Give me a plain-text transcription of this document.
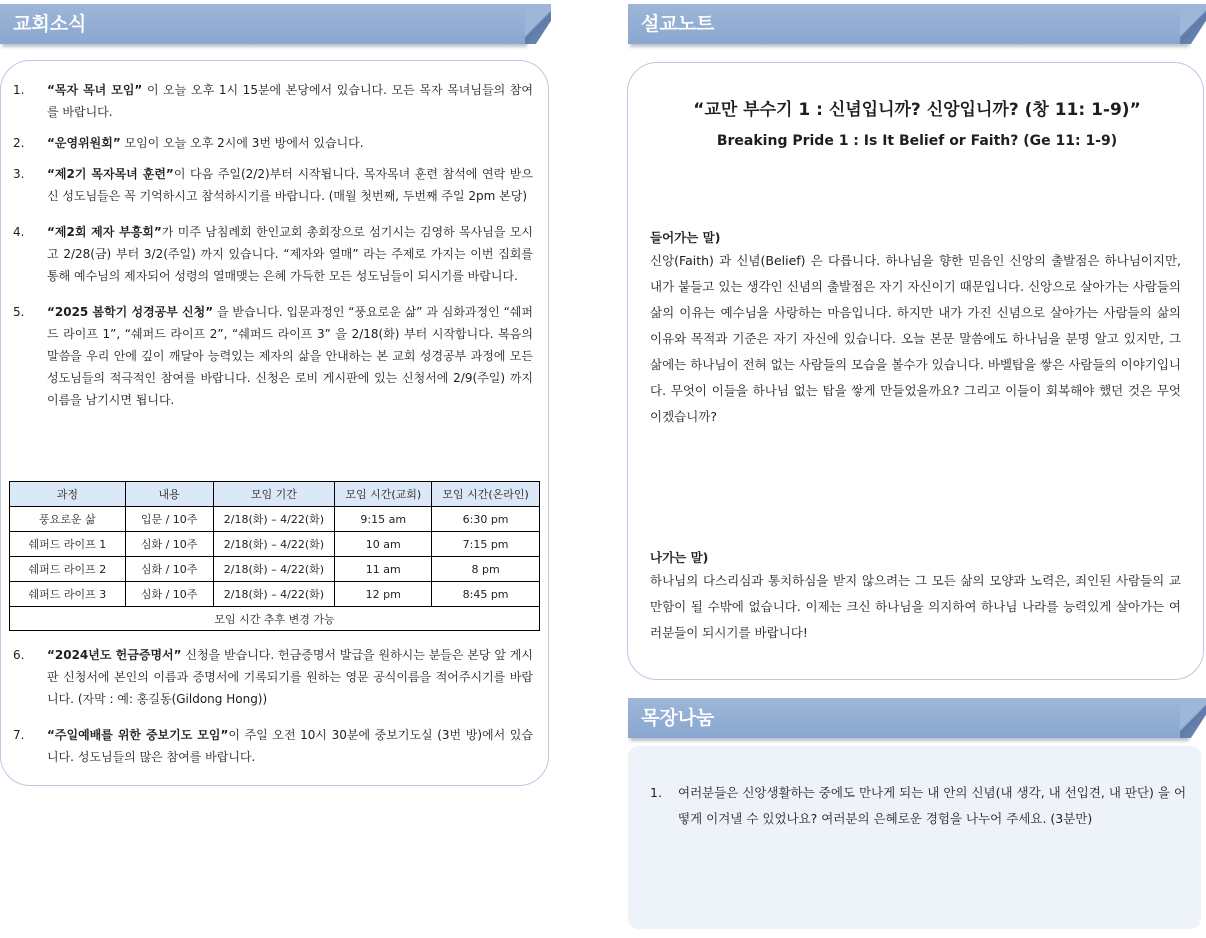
교회소식
1. “목자 목녀 모임” 이 오늘 오후 1시 15분에 본당에서 있습니다. 모든 목자 목녀님들의 참여를 바랍니다.
2. “운영위원회” 모임이 오늘 오후 2시에 3번 방에서 있습니다.
3. “제2기 목자목녀 훈련”이 다음 주일(2/2)부터 시작됩니다. 목자목녀 훈련 참석에 연락 받으신 성도님들은 꼭 기억하시고 참석하시기를 바랍니다. (매월 첫번째, 두번째 주일 2pm 본당)
4. “제2회 제자 부흥회”가 미주 남침례회 한인교회 총회장으로 섬기시는 김영하 목사님을 모시고 2/28(금) 부터 3/2(주일) 까지 있습니다. “제자와 열매” 라는 주제로 가지는 이번 집회를 통해 예수님의 제자되어 성령의 열매맺는 은혜 가득한 모든 성도님들이 되시기를 바랍니다.
5. “2025 봄학기 성경공부 신청” 을 받습니다. 입문과정인 “풍요로운 삶” 과 심화과정인 “쉐퍼드 라이프 1”, “쉐퍼드 라이프 2”, “쉐퍼드 라이프 3” 을 2/18(화) 부터 시작합니다. 복음의 말씀을 우리 안에 깊이 깨달아 능력있는 제자의 삶을 안내하는 본 교회 성경공부 과정에 모든 성도님들의 적극적인 참여를 바랍니다. 신청은 로비 게시판에 있는 신청서에 2/9(주일) 까지 이름을 남기시면 됩니다.
6. “2024년도 헌금증명서” 신청을 받습니다. 헌금증명서 발급을 원하시는 분들은 본당 앞 게시판 신청서에 본인의 이름과 증명서에 기록되기를 원하는 영문 공식이름을 적어주시기를 바랍니다. (자막 : 예: 홍길동(Gildong Hong))
7. “주일예배를 위한 중보기도 모임”이 주일 오전 10시 30분에 중보기도실 (3번 방)에서 있습니다. 성도님들의 많은 참여를 바랍니다.
과정	내용	모임 기간	모임 시간(교회)	모임 시간(온라인)
풍요로운 삶	입문 / 10주	2/18(화) – 4/22(화)	9:15 am	6:30 pm
쉐퍼드 라이프 1	심화 / 10주	2/18(화) – 4/22(화)	10 am	7:15 pm
쉐퍼드 라이프 2	심화 / 10주	2/18(화) – 4/22(화)	11 am	8 pm
쉐퍼드 라이프 3	심화 / 10주	2/18(화) – 4/22(화)	12 pm	8:45 pm
모임 시간 추후 변경 가능				
설교노트
“교만 부수기 1 : 신념입니까? 신앙입니까? (창 11: 1-9)”
Breaking Pride 1 : Is It Belief or Faith? (Ge 11: 1-9)
들어가는 말)
신앙(Faith) 과 신념(Belief) 은 다릅니다. 하나님을 향한 믿음인 신앙의 출발점은 하나님이지만, 내가 붙들고 있는 생각인 신념의 출발점은 자기 자신이기 때문입니다. 신앙으로 살아가는 사람들의 삶의 이유는 예수님을 사랑하는 마음입니다. 하지만 내가 가진 신념으로 살아가는 사람들의 삶의 이유와 목적과 기준은 자기 자신에 있습니다. 오늘 본문 말씀에도 하나님을 분명 알고 있지만, 그 삶에는 하나님이 전혀 없는 사람들의 모습을 볼수가 있습니다. 바벨탑을 쌓은 사람들의 이야기입니다. 무엇이 이들을 하나님 없는 탑을 쌓게 만들었을까요? 그리고 이들이 회복해야 했던 것은 무엇이겠습니까?
나가는 말)
하나님의 다스리심과 통치하심을 받지 않으려는 그 모든 삶의 모양과 노력은, 죄인된 사람들의 교만함이 될 수밖에 없습니다. 이제는 크신 하나님을 의지하여 하나님 나라를 능력있게 살아가는 여러분들이 되시기를 바랍니다!
목장나눔
1. 여러분들은 신앙생활하는 중에도 만나게 되는 내 안의 신념(내 생각, 내 선입견, 내 판단) 을 어떻게 이겨낼 수 있었나요? 여러분의 은혜로운 경험을 나누어 주세요. (3분만)
